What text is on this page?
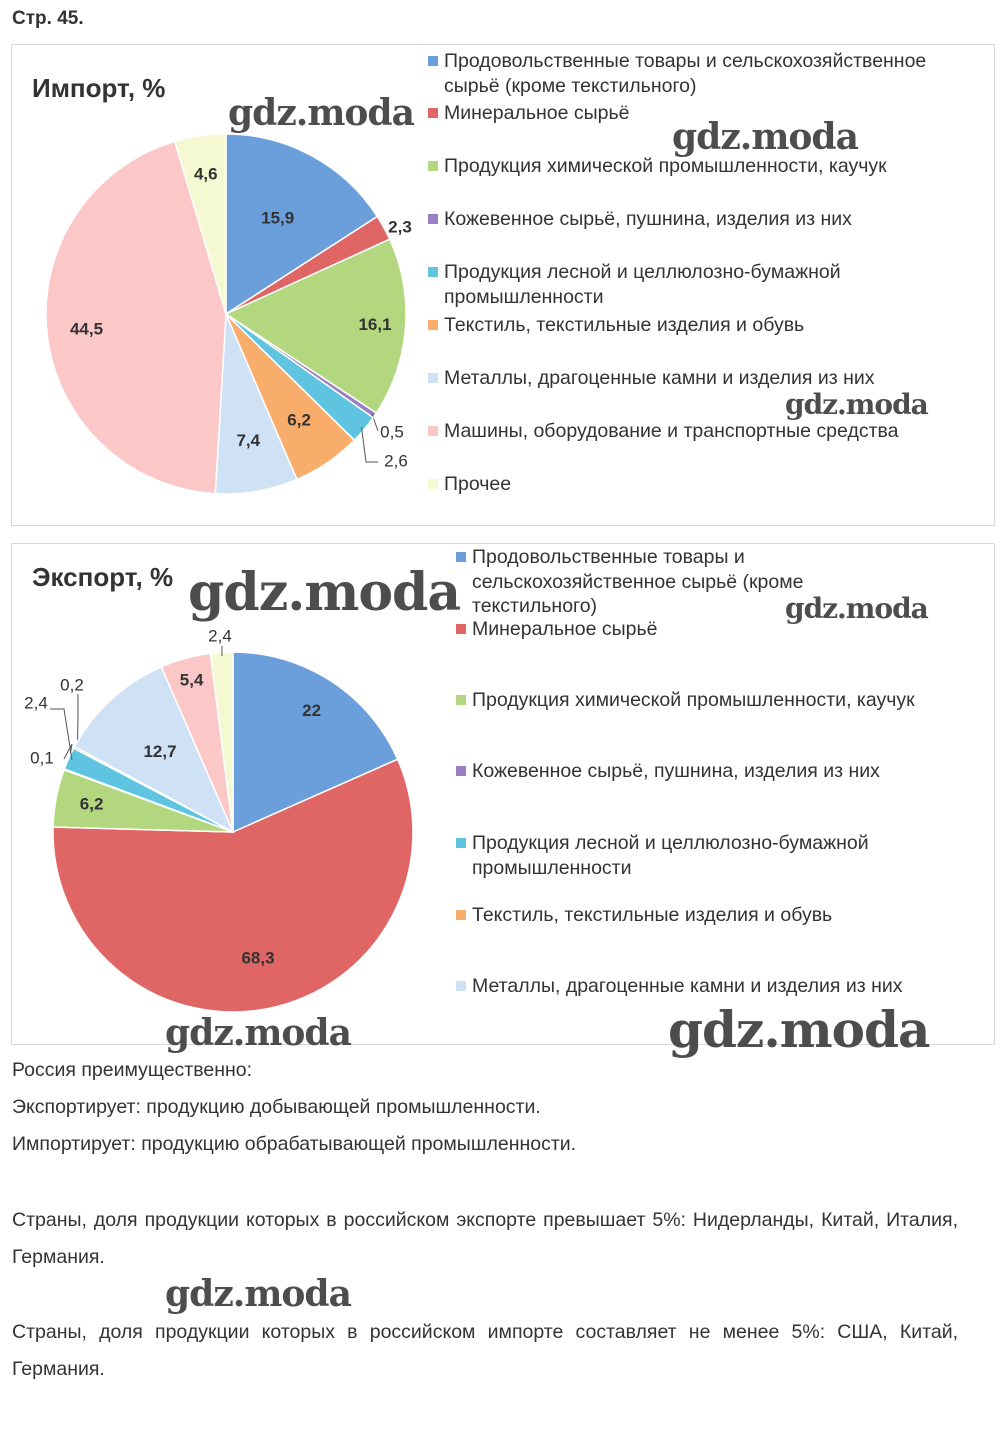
Стр. 45.
Импорт, %
15,9	2,3
16,1
0,5
2,6
6,2
7,4
44,5
4,6
Продовольственные товары и сельскохозяйственное
сырьё (кроме текстильного)
Минеральное сырьё
Продукция химической промышленности, каучук
Кожевенное сырьё, пушнина, изделия из них
Продукция лесной и целлюлозно-бумажной
промышленности
Текстиль, текстильные изделия и обувь
Металлы, драгоценные камни и изделия из них
Машины, оборудование и транспортные средства
Прочее
Экспорт, %
22
68,3
6,2
0,1
2,4
0,2
12,7
5,4
2,4
Продовольственные товары и
сельскохозяйственное сырьё (кроме
текстильного)
Минеральное сырьё
Продукция химической промышленности, каучук
Кожевенное сырьё, пушнина, изделия из них
Продукция лесной и целлюлозно-бумажной
промышленности
Текстиль, текстильные изделия и обувь
Металлы, драгоценные камни и изделия из них
gdz.moda
gdz.moda
gdz.moda
gdz.moda	gdz.moda
gdz.moda	gdz.moda
gdz.moda

Россия преимущественно:

Экспортирует: продукцию добывающей промышленности.

Импортирует: продукцию обрабатывающей промышленности.

Страны, доля продукции которых в российском экспорте превышает 5%: Нидерланды, Китай, Италия, Германия.

Страны, доля продукции которых в российском импорте составляет не менее 5%: США, Китай, Германия.
